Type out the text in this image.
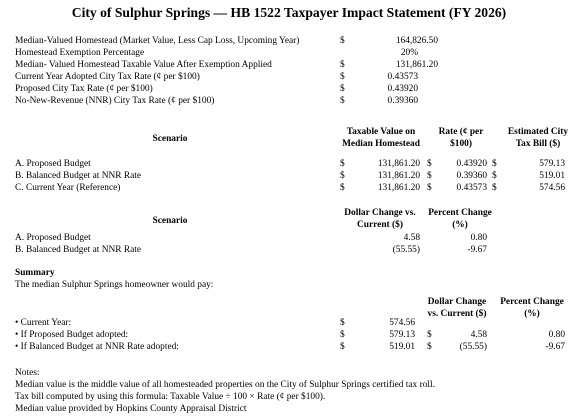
City of Sulphur Springs — HB 1522 Taxpayer Impact Statement (FY 2026)
Median-Valued Homestead (Market Value, Less Cap Loss, Upcoming Year)	$	164,826.50
Homestead Exemption Percentage	20%
Median- Valued Homestead Taxable Value After Exemption Applied	$	131,861.20
Current Year Adopted City Tax Rate (¢ per $100)	$	0.43573
Proposed City Tax Rate (¢ per $100)	$	0.43920
No-New-Revenue (NNR) City Tax Rate (¢ per $100)	$	0.39360
Scenario
Taxable Value on
Median Homestead
Rate (¢ per
$100)
Estimated City
Tax Bill ($)
A. Proposed Budget	$	131,861.20 $	0.43920 $	579.13
B. Balanced Budget at NNR Rate	$	131,861.20 $	0.39360 $	519.01
C. Current Year (Reference)	$	131,861.20 $	0.43573 $	574.56
Scenario
Dollar Change vs.
Current ($)
Percent Change
(%)
A. Proposed Budget	4.58	0.80
B. Balanced Budget at NNR Rate	(55.55)	-9.67
Summary
The median Sulphur Springs homeowner would pay:
Dollar Change
vs. Current ($)
Percent Change
(%)
• Current Year:	$	574.56
• If Proposed Budget adopted:	$	579.13 $	4.58	0.80
• If Balanced Budget at NNR Rate adopted:	$	519.01 $	(55.55)	-9.67
Notes:
Median value is the middle value of all homesteaded properties on the City of Sulphur Springs certified tax roll.
Tax bill computed by using this formula: Taxable Value ÷ 100 × Rate (¢ per $100).
Median value provided by Hopkins County Appraisal District
